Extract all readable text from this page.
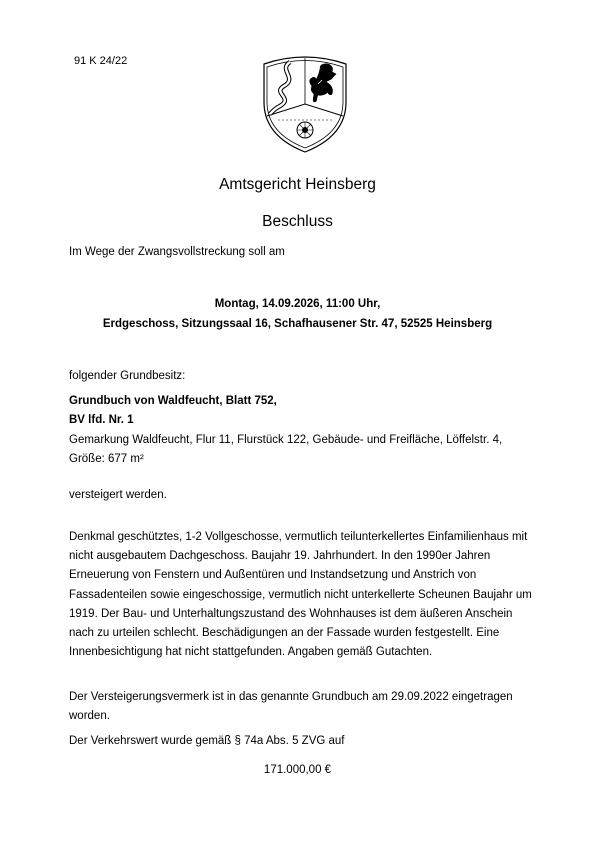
91 K 24/22
Amtsgericht Heinsberg
Beschluss
Im Wege der Zwangsvollstreckung soll am
Montag, 14.09.2026, 11:00 Uhr,
Erdgeschoss, Sitzungssaal 16, Schafhausener Str. 47, 52525 Heinsberg
folgender Grundbesitz:
Grundbuch von Waldfeucht, Blatt 752,
BV lfd. Nr. 1
Gemarkung Waldfeucht, Flur 11, Flurstück 122, Gebäude- und Freifläche, Löffelstr. 4, Größe: 677 m²
versteigert werden.
Denkmal geschütztes, 1-2 Vollgeschosse, vermutlich teilunterkellertes Einfamilienhaus mit nicht ausgebautem Dachgeschoss. Baujahr 19. Jahrhundert. In den 1990er Jahren Erneuerung von Fenstern und Außentüren und Instandsetzung und Anstrich von Fassadenteilen sowie eingeschossige, vermutlich nicht unterkellerte Scheunen Baujahr um 1919. Der Bau- und Unterhaltungszustand des Wohnhauses ist dem äußeren Anschein nach zu urteilen schlecht. Beschädigungen an der Fassade wurden festgestellt. Eine Innenbesichtigung hat nicht stattgefunden. Angaben gemäß Gutachten.
Der Versteigerungsvermerk ist in das genannte Grundbuch am 29.09.2022 eingetragen worden.
Der Verkehrswert wurde gemäß § 74a Abs. 5 ZVG auf
171.000,00 €
